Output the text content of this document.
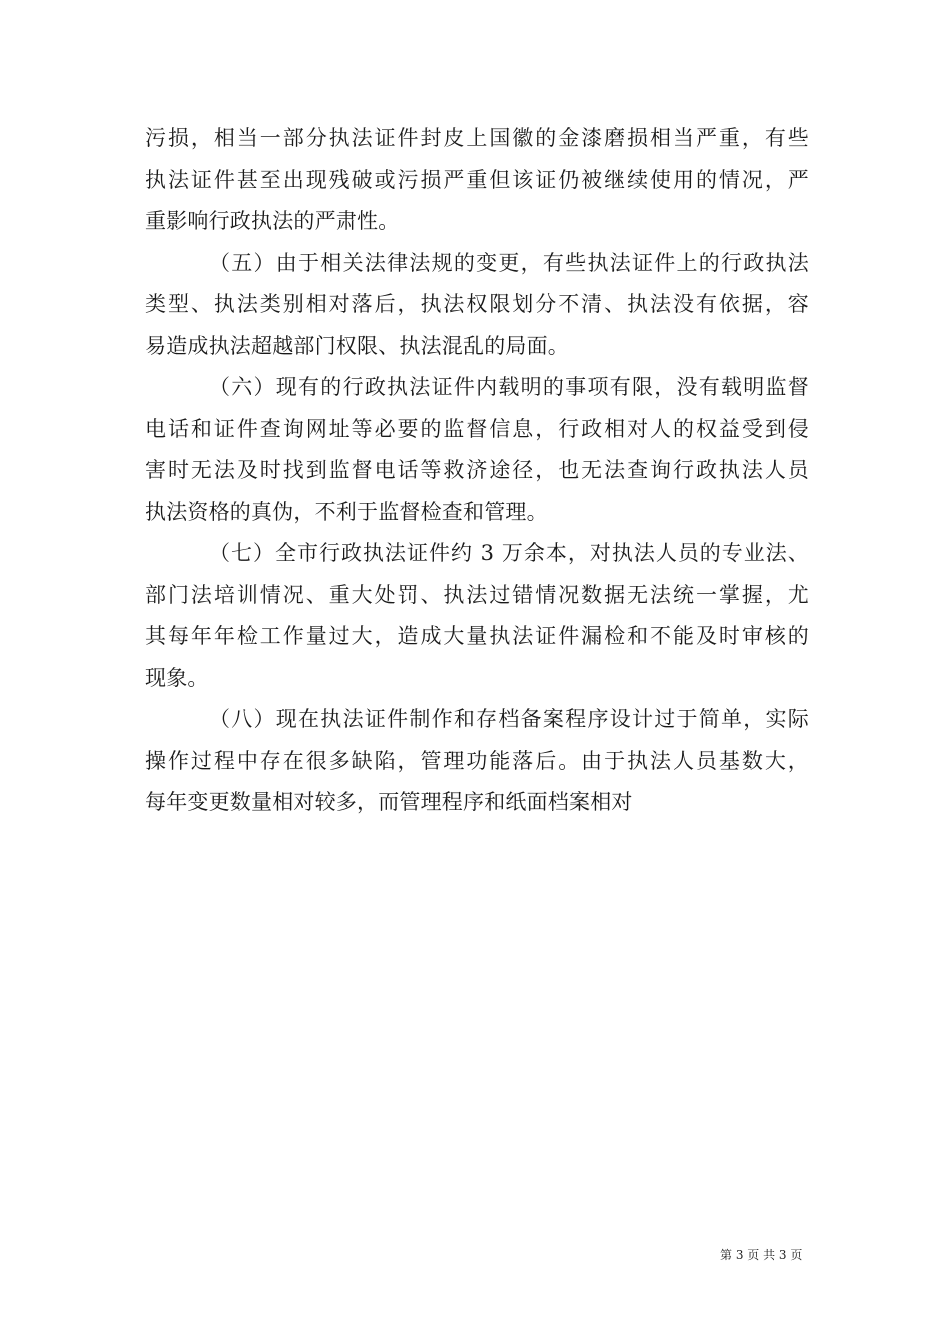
污损，相当一部分执法证件封皮上国徽的金漆磨损相当严重，有些
执法证件甚至出现残破或污损严重但该证仍被继续使用的情况，严
重影响行政执法的严肃性。
（五）由于相关法律法规的变更，有些执法证件上的行政执法
类型、执法类别相对落后，执法权限划分不清、执法没有依据，容
易造成执法超越部门权限、执法混乱的局面。
（六）现有的行政执法证件内载明的事项有限，没有载明监督
电话和证件查询网址等必要的监督信息，行政相对人的权益受到侵
害时无法及时找到监督电话等救济途径，也无法查询行政执法人员
执法资格的真伪，不利于监督检查和管理。
（七）全市行政执法证件约 3 万余本，对执法人员的专业法、
部门法培训情况、重大处罚、执法过错情况数据无法统一掌握，尤
其每年年检工作量过大，造成大量执法证件漏检和不能及时审核的
现象。
（八）现在执法证件制作和存档备案程序设计过于简单，实际
操作过程中存在很多缺陷，管理功能落后。由于执法人员基数大，
每年变更数量相对较多，而管理程序和纸面档案相对
第 3 页 共 3 页
